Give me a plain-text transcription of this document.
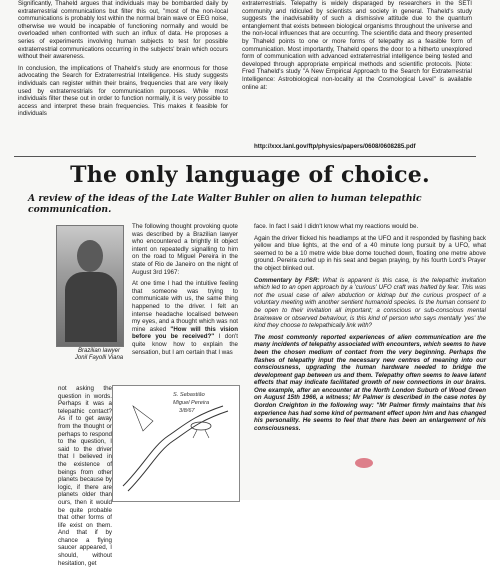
Significantly, Thaheld argues that individuals may be bombarded daily by extraterrestrial communications but filter this out, "most of the non-local communications is probably lost within the normal brain wave or EEG noise, otherwise we would be incapable of functioning normally and would be overloaded when confronted with such an influx of data. He proposes a series of experiments involving human subjects to test for possible extraterrestrial communications occurring in the subjects' brain which occurs without their awareness.

In conclusion, the implications of Thaheld's study are enormous for those advocating the Search for Extraterrestrial Intelligence. His study suggests individuals can register within their brains, frequencies that are very likely used by extraterrestrials for communication purposes. While most individuals filter these out in order to function normally, it is very possible to access and interpret these brain frequencies. This makes it feasible for individuals

extraterrestrials. Telepathy is widely disparaged by researchers in the SETI community and ridiculed by scientists and society in general. Thaheld's study suggests the inadvisability of such a dismissive attitude due to the quantum entanglement that exists between biological organisms throughout the universe and the non-local influences that are occurring. The scientific data and theory presented by Thaheld points to one or more forms of telepathy as a feasible form of communication. Most importantly, Thaheld opens the door to a hitherto unexplored form of communication with advanced extraterrestrial intelligence being tested and developed through appropriate empirical methods and scientific protocols. [Note: Fred Thaheld's study "A New Empirical Approach to the Search for Extraterrestrial Intelligence: Astrobiological non-locality at the Cosmological Level" is available online at:

http://xxx.lanl.gov/ftp/physics/papers/0608/0608285.pdf
The only language of choice.
A review of the ideas of the Late Walter Buhler on alien to human telepathic communication.
Brazilian lawyer
Jonil Fayolli Viana

The following thought provoking quote was described by a Brazilian lawyer who encountered a brightly lit object intent on repeatedly signalling to him on the road to Miguel Pereira in the state of Rio de Janeiro on the night of August 3rd 1967:

At one time I had the intuitive feeling that someone was trying to communicate with us, the same thing happened to the driver. I felt an intense headache localised between my eyes, and a thought which was not mine asked "How will this vision before you be received?" I don't quite know how to explain the sensation, but I am certain that I was

not asking the question in words. Perhaps it was a telepathic contact? As if to get away from the thought or perhaps to respond to the question, I said to the driver that I believed in the existence of beings from other planets because by logic, if there are planets older than ours, then it would be quite probable that other forms of life exist on them. And that if by chance a flying saucer appeared, I should, without hesitation, get

S. Sebastião
Miguel Pereira
3/8/67

face. In fact I said I didn't know what my reactions would be.

Again the driver flicked his headlamps at the UFO and it responded by flashing back yellow and blue lights, at the end of a 40 minute long pursuit by a UFO, what seemed to be a 10 metre wide blue dome touched down, floating one metre above ground. Pereira curled up in his seat and began praying, by his fourth Lord's Prayer the object blinked out.

Commentary by FSR: What is apparent is this case, is the telepathic invitation which led to an open approach by a 'curious' UFO craft was halted by fear. This was not the usual case of alien abduction or kidnap but the curious prospect of a voluntary meeting with another sentient humanoid species. Is the human consent to be open to their invitation all important; a conscious or sub-conscious mental brainwave or observed behaviour, is this kind of person who says mentally 'yes' the kind they choose to telepathically link with?

The most commonly reported experiences of alien communication are the many incidents of telepathy associated with encounters, which seems to have been the chosen medium of contact from the very beginning. Perhaps the flashes of telepathy input the necessary new centres of meaning into our consciousness, upgrading the human hardware needed to bridge the development gap between us and them. Telepathy often seems to leave latent effects that may indicate facilitated growth of new connections in our brains. One example, after an encounter at the North London Suburb of Wood Green on August 15th 1966, a witness; Mr Palmer is described in the case notes by Gordon Creighton in the following way: "Mr Palmer firmly maintains that his experience has had some kind of permanent effect upon him and has changed his personality. He seems to feel that there has been an enlargement of his consciousness.
